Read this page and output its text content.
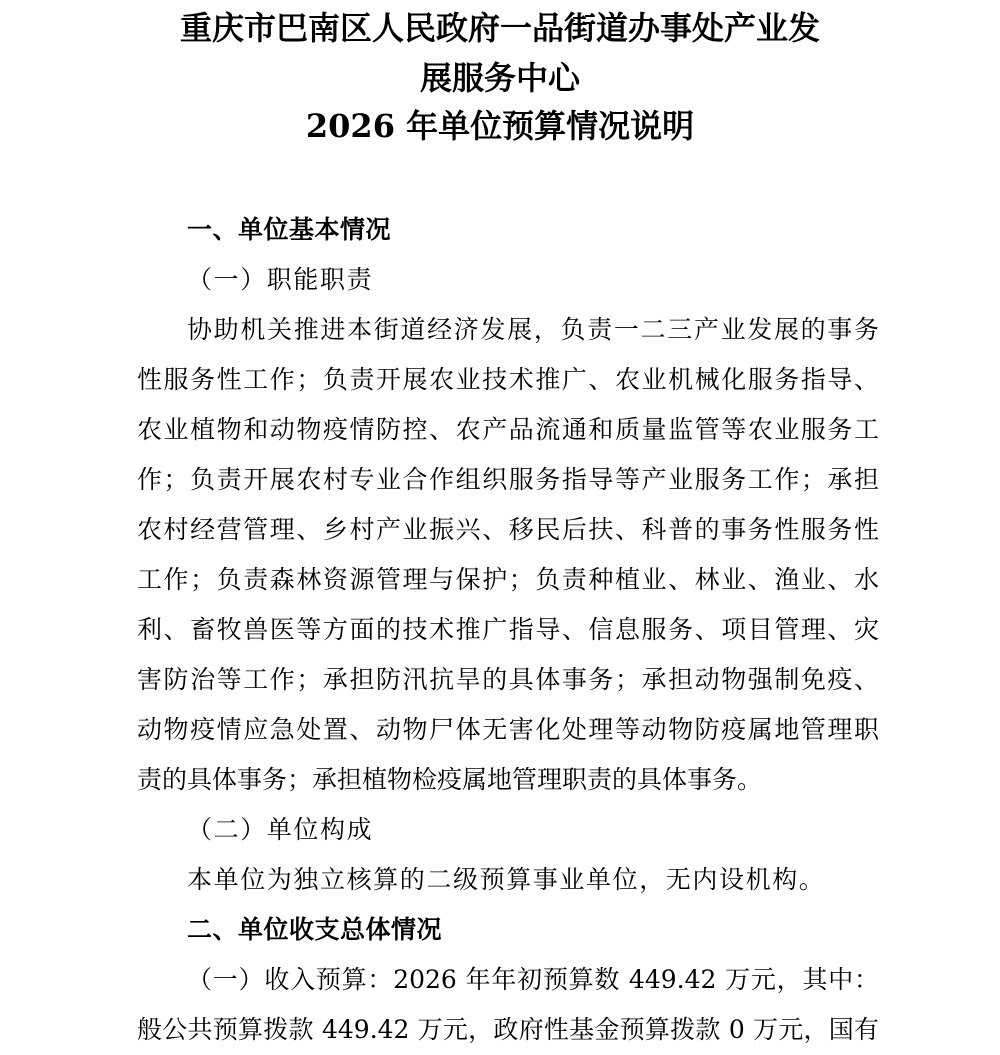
重庆市巴南区人民政府一品街道办事处产业发
展服务中心
2026 年单位预算情况说明
一、单位基本情况
（一）职能职责
协助机关推进本街道经济发展，负责一二三产业发展的事务
性服务性工作；负责开展农业技术推广、农业机械化服务指导、
农业植物和动物疫情防控、农产品流通和质量监管等农业服务工
作；负责开展农村专业合作组织服务指导等产业服务工作；承担
农村经营管理、乡村产业振兴、移民后扶、科普的事务性服务性
工作；负责森林资源管理与保护；负责种植业、林业、渔业、水
利、畜牧兽医等方面的技术推广指导、信息服务、项目管理、灾
害防治等工作；承担防汛抗旱的具体事务；承担动物强制免疫、
动物疫情应急处置、动物尸体无害化处理等动物防疫属地管理职
责的具体事务；承担植物检疫属地管理职责的具体事务。
（二）单位构成
本单位为独立核算的二级预算事业单位，无内设机构。
二、单位收支总体情况
（一）收入预算：2026 年年初预算数 449.42 万元，其中：
般公共预算拨款 449.42 万元，政府性基金预算拨款 0 万元，国有
